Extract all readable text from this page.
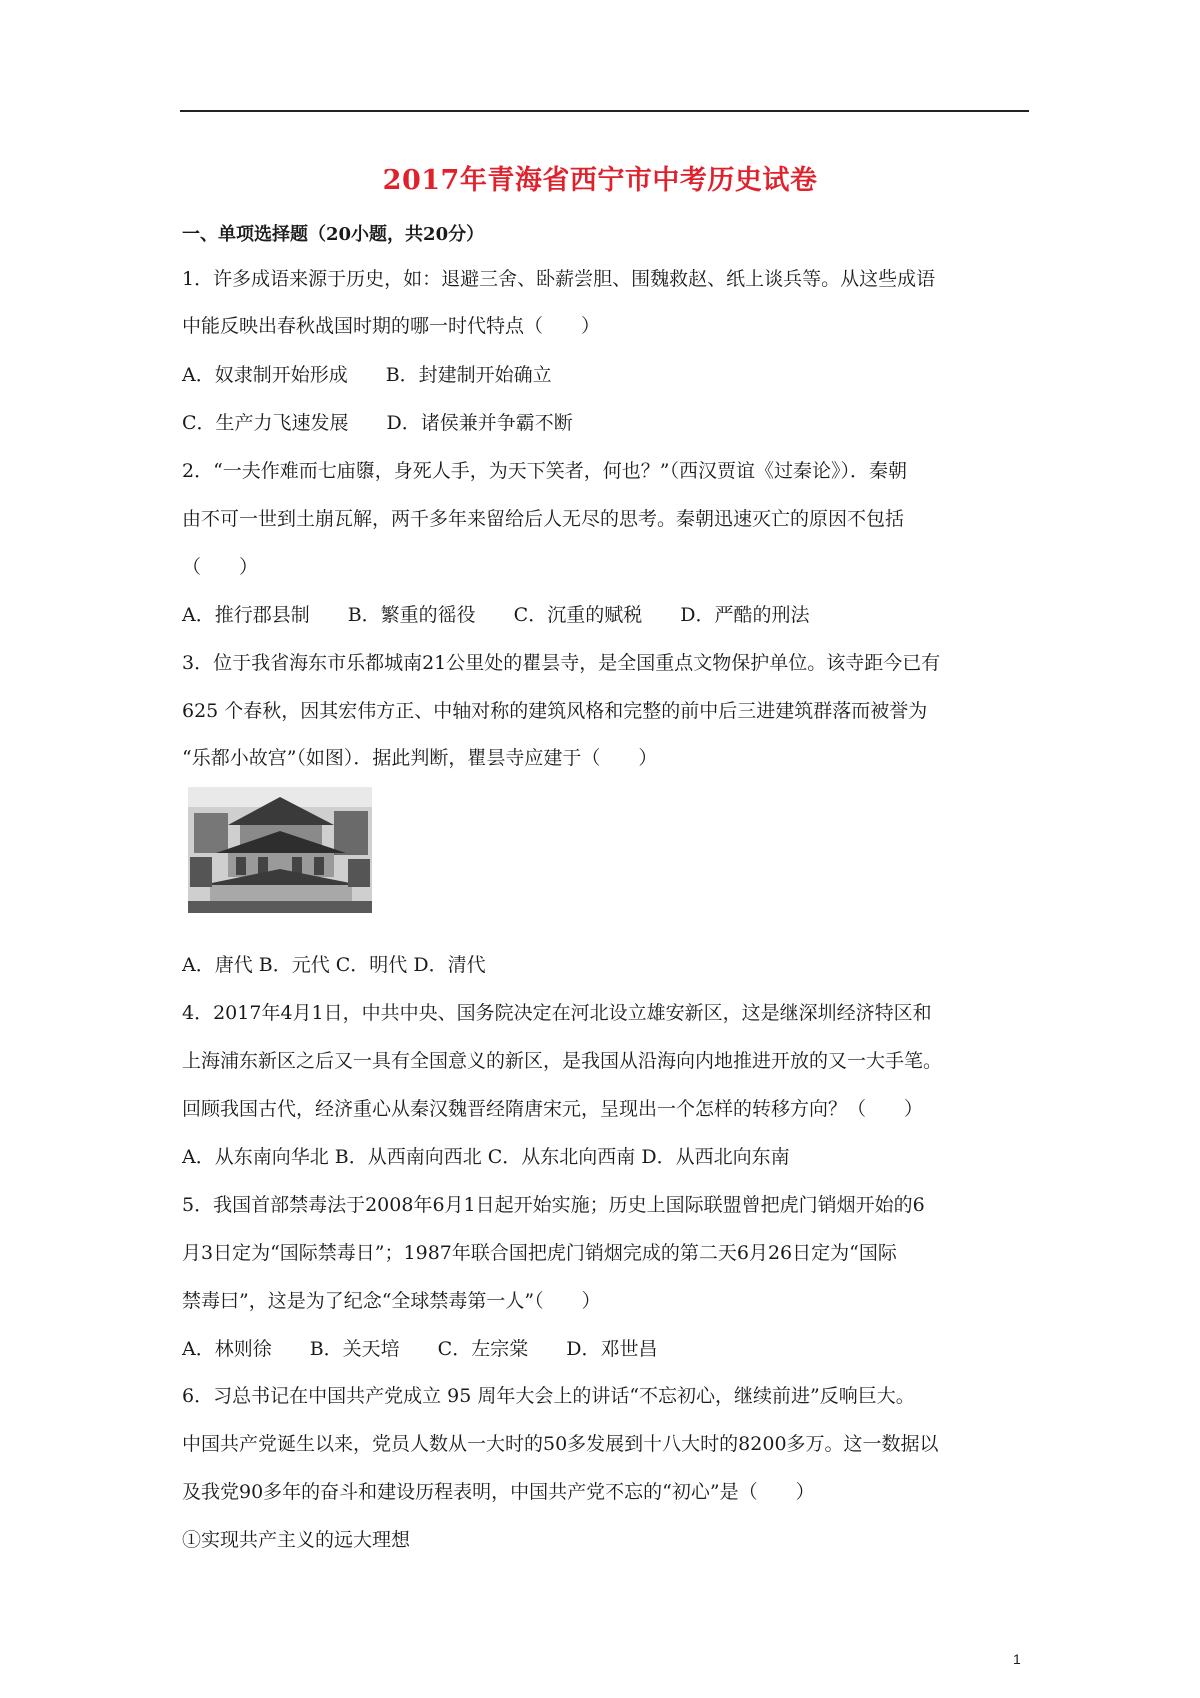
2017年青海省西宁市中考历史试卷
一、单项选择题（20小题，共20分）
1．许多成语来源于历史，如：退避三舍、卧薪尝胆、围魏救赵、纸上谈兵等。从这些成语
中能反映出春秋战国时期的哪一时代特点（　　）
A．奴隶制开始形成　　B．封建制开始确立
C．生产力飞速发展　　D．诸侯兼并争霸不断
2．“一夫作难而七庙隳，身死人手，为天下笑者，何也？”（西汉贾谊《过秦论》）．秦朝
由不可一世到土崩瓦解，两千多年来留给后人无尽的思考。秦朝迅速灭亡的原因不包括
（　　）
A．推行郡县制　　B．繁重的徭役　　C．沉重的赋税　　D．严酷的刑法
3．位于我省海东市乐都城南21公里处的瞿昙寺，是全国重点文物保护单位。该寺距今已有
625 个春秋，因其宏伟方正、中轴对称的建筑风格和完整的前中后三进建筑群落而被誉为
“乐都小故宫”（如图）．据此判断，瞿昙寺应建于（　　）
A．唐代 B．元代 C．明代 D．清代
4．2017年4月1日，中共中央、国务院决定在河北设立雄安新区，这是继深圳经济特区和
上海浦东新区之后又一具有全国意义的新区，是我国从沿海向内地推进开放的又一大手笔。
回顾我国古代，经济重心从秦汉魏晋经隋唐宋元，呈现出一个怎样的转移方向？（　　）
A．从东南向华北 B．从西南向西北 C．从东北向西南 D．从西北向东南
5．我国首部禁毒法于2008年6月1日起开始实施；历史上国际联盟曾把虎门销烟开始的6
月3日定为“国际禁毒日”；1987年联合国把虎门销烟完成的第二天6月26日定为“国际
禁毒曰”，这是为了纪念“全球禁毒第一人”（　　）
A．林则徐　　B．关天培　　C．左宗棠　　D．邓世昌
6．习总书记在中国共产党成立 95 周年大会上的讲话“不忘初心，继续前进”反响巨大。
中国共产党诞生以来，党员人数从一大时的50多发展到十八大时的8200多万。这一数据以
及我党90多年的奋斗和建设历程表明，中国共产党不忘的“初心”是（　　）
①实现共产主义的远大理想
1
